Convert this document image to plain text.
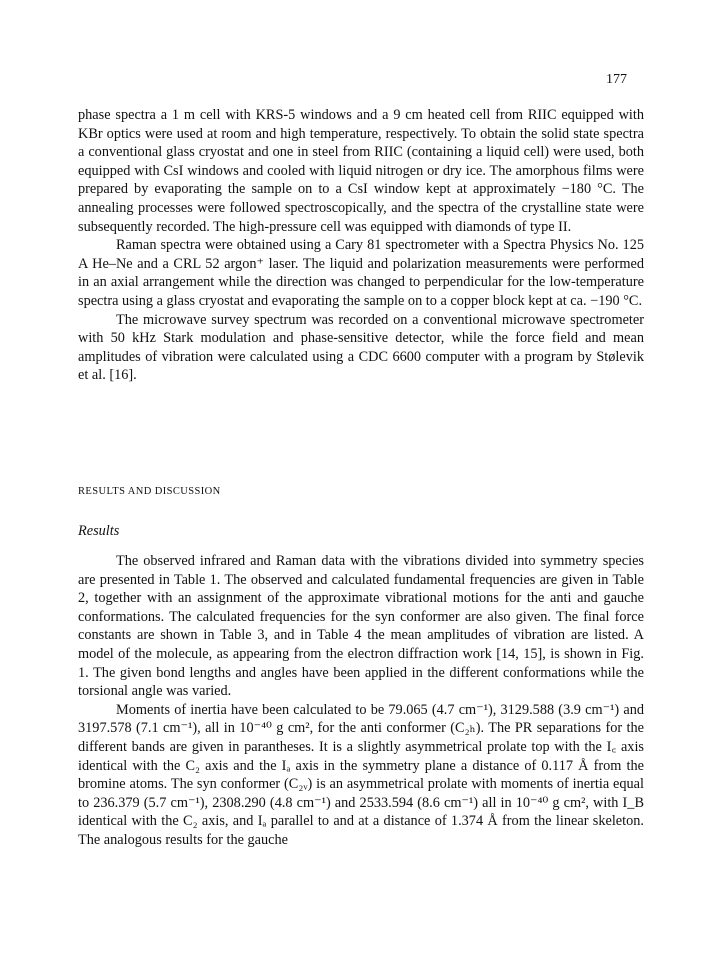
177

phase spectra a 1 m cell with KRS-5 windows and a 9 cm heated cell from RIIC equipped with KBr optics were used at room and high temperature, respectively. To obtain the solid state spectra a conventional glass cryostat and one in steel from RIIC (containing a liquid cell) were used, both equipped with CsI windows and cooled with liquid nitrogen or dry ice. The amorphous films were prepared by evaporating the sample on to a CsI window kept at approximately −180 °C. The annealing processes were followed spectroscopically, and the spectra of the crystalline state were subsequently recorded. The high-pressure cell was equipped with diamonds of type II.

Raman spectra were obtained using a Cary 81 spectrometer with a Spectra Physics No. 125 A He–Ne and a CRL 52 argon⁺ laser. The liquid and polarization measurements were performed in an axial arrangement while the direction was changed to perpendicular for the low-temperature spectra using a glass cryostat and evaporating the sample on to a copper block kept at ca. −190 °C.

The microwave survey spectrum was recorded on a conventional microwave spectrometer with 50 kHz Stark modulation and phase-sensitive detector, while the force field and mean amplitudes of vibration were calculated using a CDC 6600 computer with a program by Stølevik et al. [16].

RESULTS AND DISCUSSION
Results

The observed infrared and Raman data with the vibrations divided into symmetry species are presented in Table 1. The observed and calculated fundamental frequencies are given in Table 2, together with an assignment of the approximate vibrational motions for the anti and gauche conformations. The calculated frequencies for the syn conformer are also given. The final force constants are shown in Table 3, and in Table 4 the mean amplitudes of vibration are listed. A model of the molecule, as appearing from the electron diffraction work [14, 15], is shown in Fig. 1. The given bond lengths and angles have been applied in the different conformations while the torsional angle was varied.

Moments of inertia have been calculated to be 79.065 (4.7 cm⁻¹), 3129.588 (3.9 cm⁻¹) and 3197.578 (7.1 cm⁻¹), all in 10⁻⁴⁰ g cm², for the anti conformer (C₂ₕ). The PR separations for the different bands are given in parantheses. It is a slightly asymmetrical prolate top with the I꜀ axis identical with the C₂ axis and the Iₐ axis in the symmetry plane a distance of 0.117 Å from the bromine atoms. The syn conformer (C₂ᵥ) is an asymmetrical prolate with moments of inertia equal to 236.379 (5.7 cm⁻¹), 2308.290 (4.8 cm⁻¹) and 2533.594 (8.6 cm⁻¹) all in 10⁻⁴⁰ g cm², with I_B identical with the C₂ axis, and Iₐ parallel to and at a distance of 1.374 Å from the linear skeleton. The analogous results for the gauche
